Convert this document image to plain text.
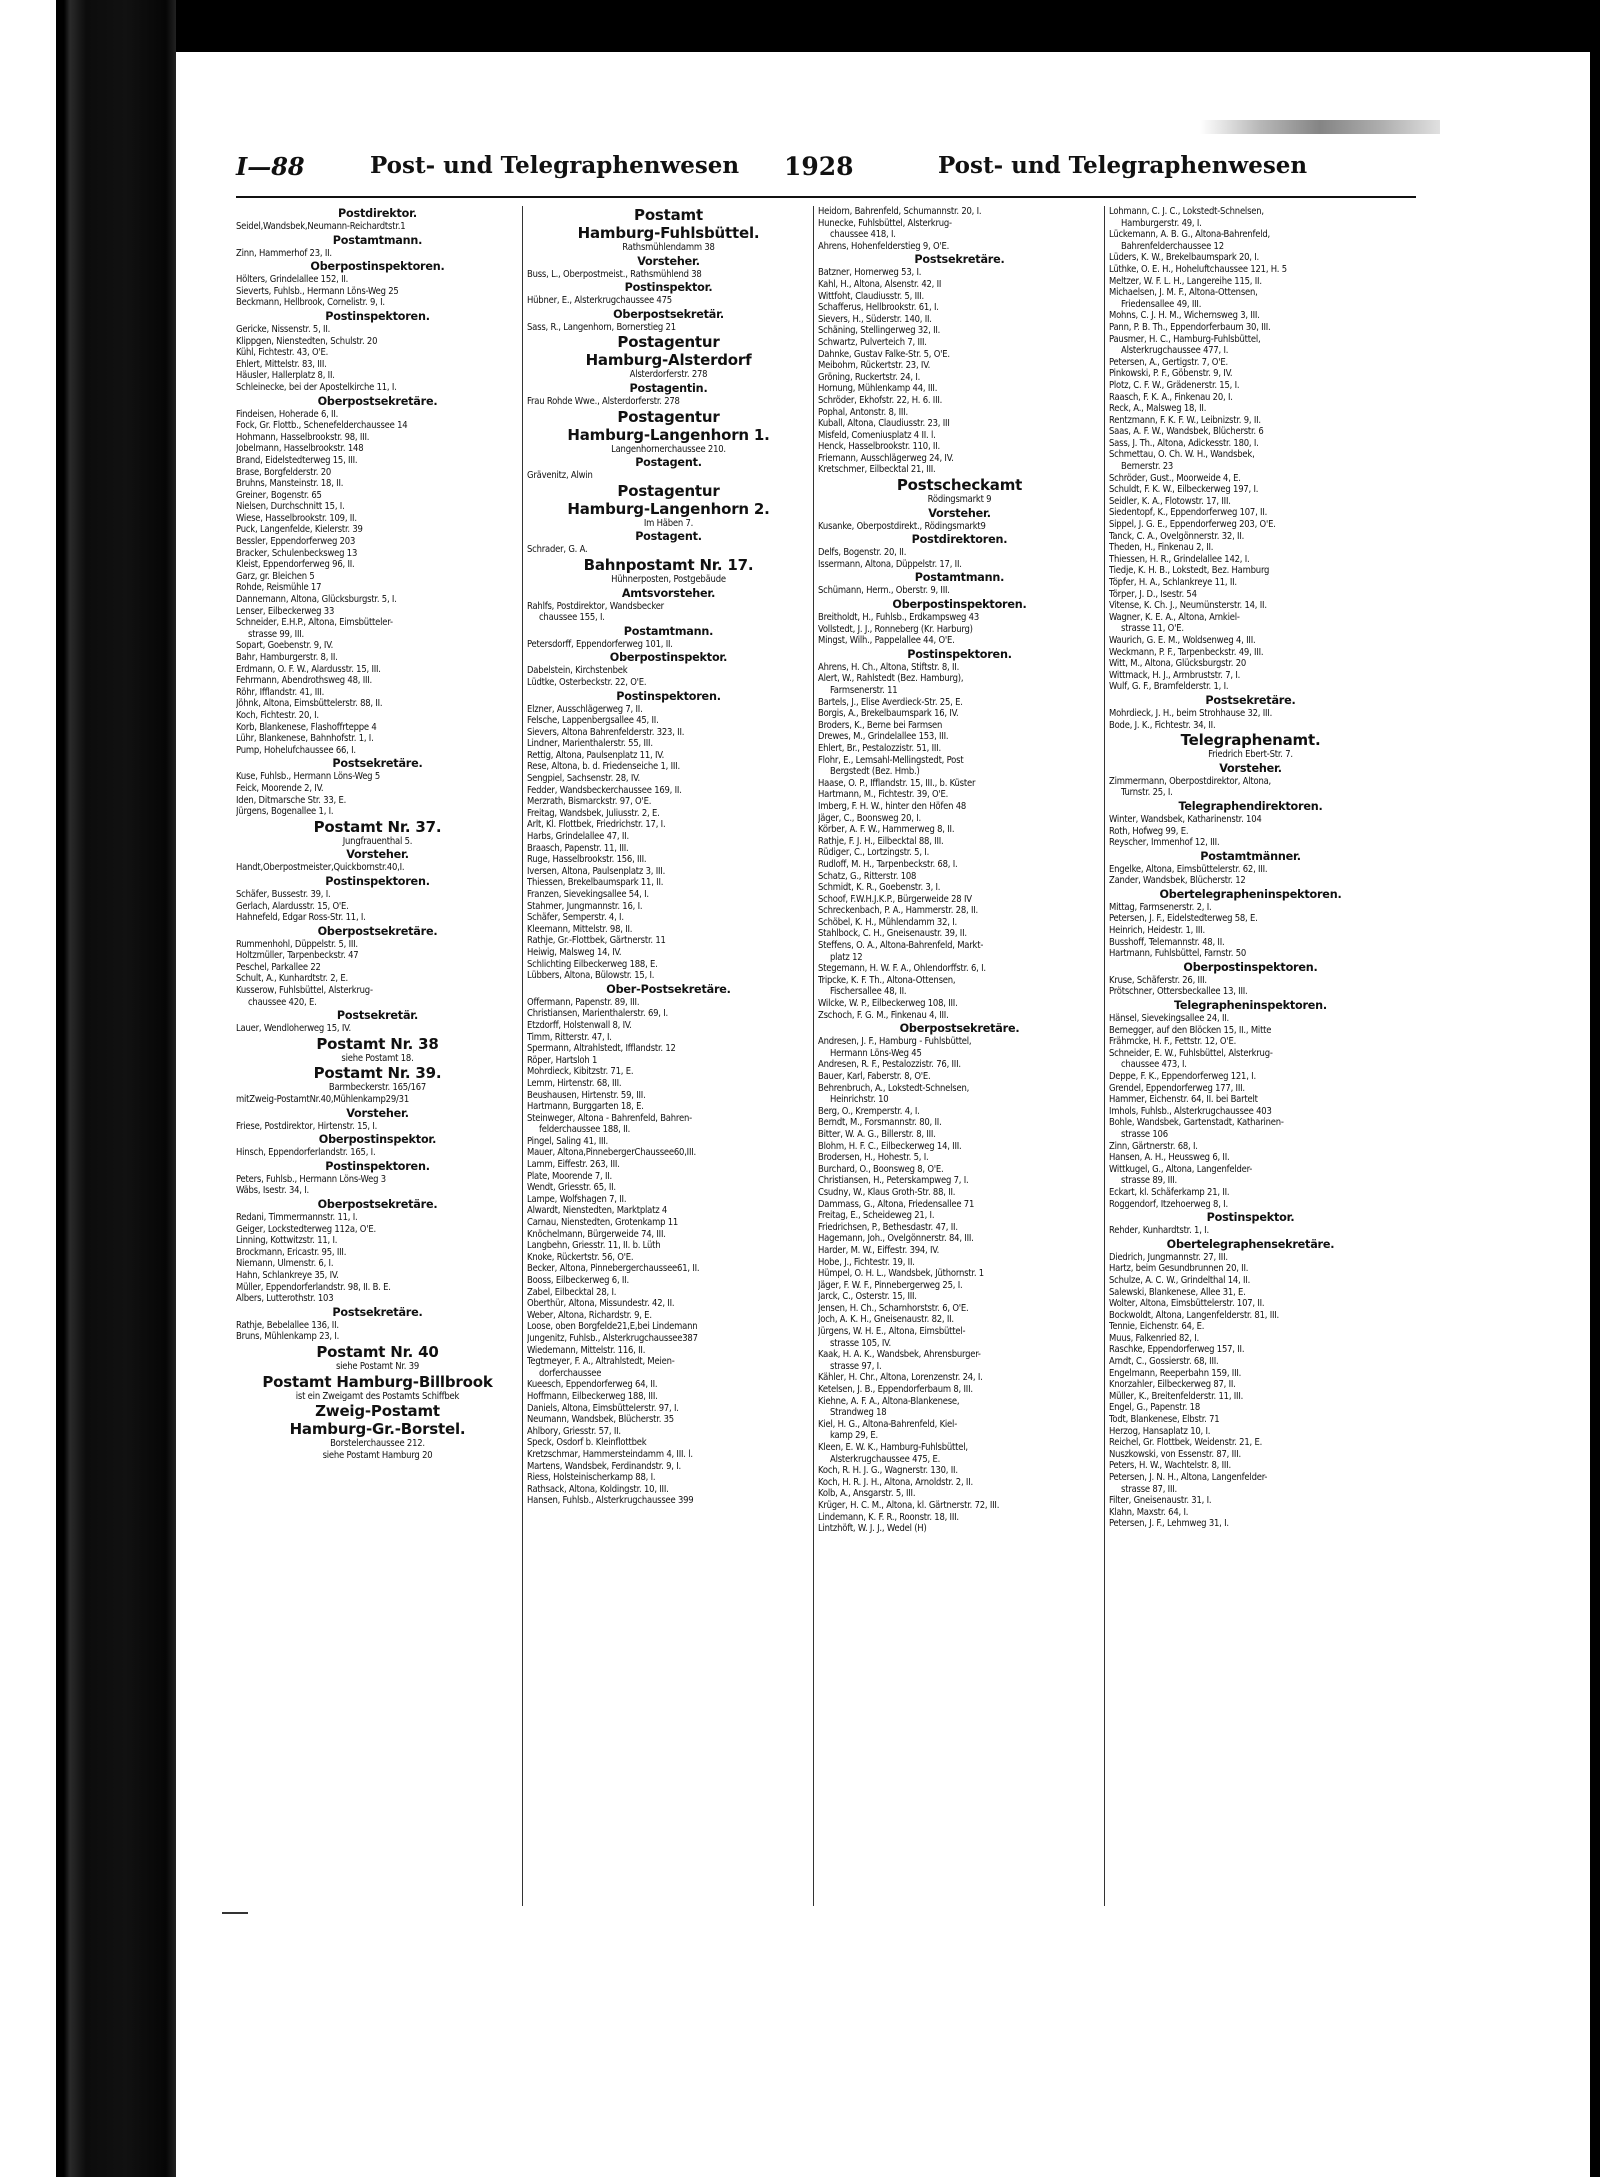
I—88	Post- und Telegraphenwesen 1928	Post- und Telegraphenwesen
Postdirektor.
Seidel,Wandsbek,Neumann-Reichardtstr.1
Postamtmann.
Zinn, Hammerhof 23, II.
Oberpostinspektoren.
Hölters, Grindelallee 152, II.
Sieverts, Fuhlsb., Hermann Löns-Weg 25
Beckmann, Hellbrook, Cornelistr. 9, I.
Postinspektoren.
Gericke, Nissenstr. 5, II.
Klippgen, Nienstedten, Schulstr. 20
Kühl, Fichtestr. 43, O'E.
Ehlert, Mittelstr. 83, III.
Häusler, Hallerplatz 8, II.
Schleinecke, bei der Apostelkirche 11, I.
Oberpostsekretäre.
Findeisen, Hoherade 6, II.
Fock, Gr. Flottb., Schenefelderchaussee 14
Hohmann, Hasselbrookstr. 98, III.
Jobelmann, Hasselbrookstr. 148
Brand, Eidelstedterweg 15, III.
Brase, Borgfelderstr. 20
Bruhns, Mansteinstr. 18, II.
Greiner, Bogenstr. 65
Nielsen, Durchschnitt 15, I.
Wiese, Hasselbrookstr. 109, II.
Puck, Langenfelde, Kielerstr. 39
Bessler, Eppendorferweg 203
Bracker, Schulenbecksweg 13
Kleist, Eppendorferweg 96, II.
Garz, gr. Bleichen 5
Rohde, Reismühle 17
Dannemann, Altona, Glücksburgstr. 5, I.
Lenser, Eilbeckerweg 33
Schneider, E.H.P., Altona, Eimsbütteler-
strasse 99, III.
Sopart, Goebenstr. 9, IV.
Bahr, Hamburgerstr. 8, II.
Erdmann, O. F. W., Alardusstr. 15, III.
Fehrmann, Abendrothsweg 48, III.
Röhr, Ifflandstr. 41, III.
Jöhnk, Altona, Eimsbüttelerstr. 88, II.
Koch, Fichtestr. 20, I.
Korb, Blankenese, Flashoffrteppe 4
Lühr, Blankenese, Bahnhofstr. 1, I.
Pump, Hohelufchaussee 66, I.
Postsekretäre.
Kuse, Fuhlsb., Hermann Löns-Weg 5
Feick, Moorende 2, IV.
Iden, Ditmarsche Str. 33, E.
Jürgens, Bogenallee 1, I.
Postamt Nr. 37.
Jungfrauenthal 5.
Vorsteher.
Handt,Oberpostmeister,Quickbornstr.40,I.
Postinspektoren.
Schäfer, Bussestr. 39, I.
Gerlach, Alardusstr. 15, O'E.
Hahnefeld, Edgar Ross-Str. 11, I.
Oberpostsekretäre.
Rummenhohl, Düppelstr. 5, III.
Holtzmüller, Tarpenbeckstr. 47
Peschel, Parkallee 22
Schult, A., Kunhardtstr. 2, E.
Kusserow, Fuhlsbüttel, Alsterkrug-
chaussee 420, E.
Postsekretär.
Lauer, Wendloherweg 15, IV.
Postamt Nr. 38
siehe Postamt 18.
Postamt Nr. 39.
Barmbeckerstr. 165/167
mitZweig-PostamtNr.40,Mühlenkamp29/31
Vorsteher.
Friese, Postdirektor, Hirtenstr. 15, I.
Oberpostinspektor.
Hinsch, Eppendorferlandstr. 165, I.
Postinspektoren.
Peters, Fuhlsb., Hermann Löns-Weg 3
Wäbs, Isestr. 34, I.
Oberpostsekretäre.
Redani, Timmermannstr. 11, I.
Geiger, Lockstedterweg 112a, O'E.
Linning, Kottwitzstr. 11, I.
Brockmann, Ericastr. 95, III.
Niemann, Ulmenstr. 6, I.
Hahn, Schlankreye 35, IV.
Müller, Eppendorferlandstr. 98, II. B. E.
Albers, Lutterothstr. 103
Postsekretäre.
Rathje, Bebelallee 136, II.
Bruns, Mühlenkamp 23, I.
Postamt Nr. 40
siehe Postamt Nr. 39
Postamt Hamburg-Billbrook
ist ein Zweigamt des Postamts Schiffbek
Zweig-Postamt
Hamburg-Gr.-Borstel.
Borstelerchaussee 212.
siehe Postamt Hamburg 20
Postamt
Hamburg-Fuhlsbüttel.
Rathsmühlendamm 38
Vorsteher.
Buss, L., Oberpostmeist., Rathsmühlend 38
Postinspektor.
Hübner, E., Alsterkrugchaussee 475
Oberpostsekretär.
Sass, R., Langenhorn, Bornerstieg 21
Postagentur
Hamburg-Alsterdorf
Alsterdorferstr. 278
Postagentin.
Frau Rohde Wwe., Alsterdorferstr. 278
Postagentur
Hamburg-Langenhorn 1.
Langenhornerchaussee 210.
Postagent.
Grävenitz, Alwin
Postagentur
Hamburg-Langenhorn 2.
Im Häben 7.
Postagent.
Schrader, G. A.
Bahnpostamt Nr. 17.
Hühnerposten, Postgebäude
Amtsvorsteher.
Rahlfs, Postdirektor, Wandsbecker
chaussee 155, I.
Postamtmann.
Petersdorff, Eppendorferweg 101, II.
Oberpostinspektor.
Dabelstein, Kirchstenbek
Lüdtke, Osterbeckstr. 22, O'E.
Postinspektoren.
Elzner, Ausschlägerweg 7, II.
Felsche, Lappenbergsallee 45, II.
Sievers, Altona Bahrenfelderstr. 323, II.
Lindner, Marienthalerstr. 55, III.
Rettig, Altona, Paulsenplatz 11, IV.
Rese, Altona, b. d. Friedenseiche 1, III.
Sengpiel, Sachsenstr. 28, IV.
Fedder, Wandsbeckerchaussee 169, II.
Merzrath, Bismarckstr. 97, O'E.
Freitag, Wandsbek, Juliusstr. 2, E.
Arlt, Kl. Flottbek, Friedrichstr. 17, I.
Harbs, Grindelallee 47, II.
Braasch, Papenstr. 11, III.
Ruge, Hasselbrookstr. 156, III.
Iversen, Altona, Paulsenplatz 3, III.
Thiessen, Brekelbaumspark 11, II.
Franzen, Sievekingsallee 54, I.
Stahmer, Jungmannstr. 16, I.
Schäfer, Semperstr. 4, I.
Kleemann, Mittelstr. 98, II.
Rathje, Gr.-Flottbek, Gärtnerstr. 11
Heiwig, Malsweg 14, IV.
Schlichting Eilbeckerweg 188, E.
Lübbers, Altona, Bülowstr. 15, I.
Ober-Postsekretäre.
Offermann, Papenstr. 89, III.
Christiansen, Marienthalerstr. 69, I.
Etzdorff, Holstenwall 8, IV.
Timm, Ritterstr. 47, I.
Spermann, Altrahlstedt, Ifflandstr. 12
Röper, Hartsloh 1
Mohrdieck, Kibitzstr. 71, E.
Lemm, Hirtenstr. 68, III.
Beushausen, Hirtenstr. 59, III.
Hartmann, Burggarten 18, E.
Steinweger, Altona - Bahrenfeld, Bahren-
felderchaussee 188, II.
Pingel, Saling 41, III.
Mauer, Altona,PinnebergerChaussee60,III.
Lamm, Eiffestr. 263, III.
Plate, Moorende 7, II.
Wendt, Griesstr. 65, II.
Lampe, Wolfshagen 7, II.
Alwardt, Nienstedten, Marktplatz 4
Carnau, Nienstedten, Grotenkamp 11
Knöchelmann, Bürgerweide 74, III.
Langbehn, Griesstr. 11, II. b. Lüth
Knoke, Rückertstr. 56, O'E.
Becker, Altona, Pinnebergerchaussee61, II.
Booss, Eilbeckerweg 6, II.
Zabel, Eilbecktal 28, I.
Oberthür, Altona, Missundestr. 42, II.
Weber, Altona, Richardstr. 9, E.
Loose, oben Borgfelde21,E,bei Lindemann
Jungenitz, Fuhlsb., Alsterkrugchaussee387
Wiedemann, Mittelstr. 116, II.
Tegtmeyer, F. A., Altrahlstedt, Meien-
dorferchaussee
Kueesch, Eppendorferweg 64, II.
Hoffmann, Eilbeckerweg 188, III.
Daniels, Altona, Eimsbüttelerstr. 97, I.
Neumann, Wandsbek, Blücherstr. 35
Ahlbory, Griesstr. 57, II.
Speck, Osdorf b. Kleinflottbek
Kretzschmar, Hammersteindamm 4, III. l.
Martens, Wandsbek, Ferdinandstr. 9, I.
Riess, Holsteinischerkamp 88, I.
Rathsack, Altona, Koldingstr. 10, III.
Hansen, Fuhlsb., Alsterkrugchaussee 399
Heidorn, Bahrenfeld, Schumannstr. 20, I.
Hunecke, Fuhlsbüttel, Alsterkrug-
chaussee 418, I.
Ahrens, Hohenfelderstieg 9, O'E.
Postsekretäre.
Batzner, Hornerweg 53, I.
Kahl, H., Altona, Alsenstr. 42, II
Wittfoht, Claudiusstr. 5, III.
Schafferus, Hellbrookstr. 61, I.
Sievers, H., Süderstr. 140, II.
Schäning, Stellingerweg 32, II.
Schwartz, Pulverteich 7, III.
Dahnke, Gustav Falke-Str. 5, O'E.
Meibohm, Rückertstr. 23, IV.
Gröning, Ruckertstr. 24, I.
Hornung, Mühlenkamp 44, III.
Schröder, Ekhofstr. 22, H. 6. III.
Pophal, Antonstr. 8, III.
Kuball, Altona, Claudiusstr. 23, III
Misfeld, Comeniusplatz 4 II. l.
Henck, Hasselbrookstr. 110, II.
Friemann, Ausschlägerweg 24, IV.
Kretschmer, Eilbecktal 21, III.
Postscheckamt
Rödingsmarkt 9
Vorsteher.
Kusanke, Oberpostdirekt., Rödingsmarkt9
Postdirektoren.
Delfs, Bogenstr. 20, II.
Issermann, Altona, Düppelstr. 17, II.
Postamtmann.
Schümann, Herm., Oberstr. 9, III.
Oberpostinspektoren.
Breitholdt, H., Fuhlsb., Erdkampsweg 43
Vollstedt, J. J., Ronneberg (Kr. Harburg)
Mingst, Wilh., Pappelallee 44, O'E.
Postinspektoren.
Ahrens, H. Ch., Altona, Stiftstr. 8, II.
Alert, W., Rahlstedt (Bez. Hamburg),
Farmsenerstr. 11
Bartels, J., Elise Averdieck-Str. 25, E.
Borgis, A., Brekelbaumspark 16, IV.
Broders, K., Berne bei Farmsen
Drewes, M., Grindelallee 153, III.
Ehlert, Br., Pestalozzistr. 51, III.
Flohr, E., Lemsahl-Mellingstedt, Post
Bergstedt (Bez. Hmb.)
Haase, O. P., Ifflandstr. 15, III., b. Küster
Hartmann, M., Fichtestr. 39, O'E.
Imberg, F. H. W., hinter den Höfen 48
Jäger, C., Boonsweg 20, I.
Körber, A. F. W., Hammerweg 8, II.
Rathje, F. J. H., Eilbecktal 88, III.
Rüdiger, C., Lortzingstr. 5, I.
Rudloff, M. H., Tarpenbeckstr. 68, I.
Schatz, G., Ritterstr. 108
Schmidt, K. R., Goebenstr. 3, I.
Schoof, F.W.H.J.K.P., Bürgerweide 28 IV
Schreckenbach, P. A., Hammerstr. 28, II.
Schöbel, K. H., Mühlendamm 32, I.
Stahlbock, C. H., Gneisenaustr. 39, II.
Steffens, O. A., Altona-Bahrenfeld, Markt-
platz 12
Stegemann, H. W. F. A., Ohlendorffstr. 6, I.
Tripcke, K. F. Th., Altona-Ottensen,
Fischersallee 48, II.
Wilcke, W. P., Eilbeckerweg 108, III.
Zschoch, F. G. M., Finkenau 4, III.
Oberpostsekretäre.
Andresen, J. F., Hamburg - Fuhlsbüttel,
Hermann Löns-Weg 45
Andresen, R. F., Pestalozzistr. 76, III.
Bauer, Karl, Faberstr. 8, O'E.
Behrenbruch, A., Lokstedt-Schnelsen,
Heinrichstr. 10
Berg, O., Kremperstr. 4, I.
Berndt, M., Forsmannstr. 80, II.
Bitter, W. A. G., Billerstr. 8, III.
Blohm, H. F. C., Eilbeckerweg 14, III.
Brodersen, H., Hohestr. 5, I.
Burchard, O., Boonsweg 8, O'E.
Christiansen, H., Peterskampweg 7, I.
Csudny, W., Klaus Groth-Str. 88, II.
Dammass, G., Altona, Friedensallee 71
Freitag, E., Scheideweg 21, I.
Friedrichsen, P., Bethesdastr. 47, II.
Hagemann, Joh., Ovelgönnerstr. 84, III.
Harder, M. W., Eiffestr. 394, IV.
Hobe, J., Fichtestr. 19, II.
Hümpel, O. H. L., Wandsbek, Jüthornstr. 1
Jäger, F. W. F., Pinnebergerweg 25, I.
Jarck, C., Osterstr. 15, III.
Jensen, H. Ch., Scharnhorststr. 6, O'E.
Joch, A. K. H., Gneisenaustr. 82, II.
Jürgens, W. H. E., Altona, Eimsbüttel-
strasse 105, IV.
Kaak, H. A. K., Wandsbek, Ahrensburger-
strasse 97, I.
Kähler, H. Chr., Altona, Lorenzenstr. 24, I.
Ketelsen, J. B., Eppendorferbaum 8, III.
Kiehne, A. F. A., Altona-Blankenese,
Strandweg 18
Kiel, H. G., Altona-Bahrenfeld, Kiel-
kamp 29, E.
Kleen, E. W. K., Hamburg-Fuhlsbüttel,
Alsterkrugchaussee 475, E.
Koch, R. H. J. G., Wagnerstr. 130, II.
Koch, H. R. J. H., Altona, Arnoldstr. 2, II.
Kolb, A., Ansgarstr. 5, III.
Krüger, H. C. M., Altona, kl. Gärtnerstr. 72, III.
Lindemann, K. F. R., Roonstr. 18, III.
Lintzhöft, W. J. J., Wedel (H)
Lohmann, C. J. C., Lokstedt-Schnelsen,
Hamburgerstr. 49, I.
Lückemann, A. B. G., Altona-Bahrenfeld,
Bahrenfelderchaussee 12
Lüders, K. W., Brekelbaumspark 20, I.
Lüthke, O. E. H., Hoheluftchaussee 121, H. 5
Meltzer, W. F. L. H., Langereihe 115, II.
Michaelsen, J. M. F., Altona-Ottensen,
Friedensallee 49, III.
Mohns, C. J. H. M., Wichernsweg 3, III.
Pann, P. B. Th., Eppendorferbaum 30, III.
Pausmer, H. C., Hamburg-Fuhlsbüttel,
Alsterkrugchaussee 477, I.
Petersen, A., Gertigstr. 7, O'E.
Pinkowski, P. F., Göbenstr. 9, IV.
Plotz, C. F. W., Grädenerstr. 15, I.
Raasch, F. K. A., Finkenau 20, I.
Reck, A., Malsweg 18, II.
Rentzmann, F. K. F. W., Leibnizstr. 9, II.
Saas, A. F. W., Wandsbek, Blücherstr. 6
Sass, J. Th., Altona, Adickesstr. 180, I.
Schmettau, O. Ch. W. H., Wandsbek,
Bernerstr. 23
Schröder, Gust., Moorweide 4, E.
Schuldt, F. K. W., Eilbeckerweg 197, I.
Seidler, K. A., Flotowstr. 17, III.
Siedentopf, K., Eppendorferweg 107, II.
Sippel, J. G. E., Eppendorferweg 203, O'E.
Tanck, C. A., Övelgönnerstr. 32, II.
Theden, H., Finkenau 2, II.
Thiessen, H. R., Grindelallee 142, I.
Tiedje, K. H. B., Lokstedt, Bez. Hamburg
Töpfer, H. A., Schlankreye 11, II.
Törper, J. D., Isestr. 54
Vitense, K. Ch. J., Neumünsterstr. 14, II.
Wagner, K. E. A., Altona, Arnkiel-
strasse 11, O'E.
Waurich, G. E. M., Woldsenweg 4, III.
Weckmann, P. F., Tarpenbeckstr. 49, III.
Witt, M., Altona, Glücksburgstr. 20
Wittmack, H. J., Armbruststr. 7, I.
Wulf, G. F., Bramfelderstr. 1, I.
Postsekretäre.
Mohrdieck, J. H., beim Strohhause 32, III.
Bode, J. K., Fichtestr. 34, II.
Telegraphenamt.
Friedrich Ebert-Str. 7.
Vorsteher.
Zimmermann, Oberpostdirektor, Altona,
Turnstr. 25, I.
Telegraphendirektoren.
Winter, Wandsbek, Katharinenstr. 104
Roth, Hofweg 99, E.
Reyscher, Immenhof 12, III.
Postamtmänner.
Engelke, Altona, Eimsbüttelerstr. 62, III.
Zander, Wandsbek, Blücherstr. 12
Obertelegrapheninspektoren.
Mittag, Farmsenerstr. 2, I.
Petersen, J. F., Eidelstedterweg 58, E.
Heinrich, Heidestr. 1, III.
Busshoff, Telemannstr. 48, II.
Hartmann, Fuhlsbüttel, Farnstr. 50
Oberpostinspektoren.
Kruse, Schäferstr. 26, III.
Prötschner, Ottersbeckallee 13, III.
Telegrapheninspektoren.
Hänsel, Sievekingsallee 24, II.
Bernegger, auf den Blöcken 15, II., Mitte
Frähmcke, H. F., Fettstr. 12, O'E.
Schneider, E. W., Fuhlsbüttel, Alsterkrug-
chaussee 473, I.
Deppe, F. K., Eppendorferweg 121, I.
Grendel, Eppendorferweg 177, III.
Hammer, Eichenstr. 64, II. bei Bartelt
Imhols, Fuhlsb., Alsterkrugchaussee 403
Bohle, Wandsbek, Gartenstadt, Katharinen-
strasse 106
Zinn, Gärtnerstr. 68, I.
Hansen, A. H., Heussweg 6, II.
Wittkugel, G., Altona, Langenfelder-
strasse 89, III.
Eckart, kl. Schäferkamp 21, II.
Roggendorf, Itzehoerweg 8, I.
Postinspektor.
Rehder, Kunhardtstr. 1, I.
Obertelegraphensekretäre.
Diedrich, Jungmannstr. 27, III.
Hartz, beim Gesundbrunnen 20, II.
Schulze, A. C. W., Grindelthal 14, II.
Salewski, Blankenese, Allee 31, E.
Wolter, Altona, Eimsbüttelerstr. 107, II.
Bockwoldt, Altona, Langenfelderstr. 81, III.
Tennie, Eichenstr. 64, E.
Muus, Falkenried 82, I.
Raschke, Eppendorferweg 157, II.
Arndt, C., Gossierstr. 68, III.
Engelmann, Reeperbahn 159, III.
Knorzahler, Eilbeckerweg 87, II.
Müller, K., Breitenfelderstr. 11, III.
Engel, G., Papenstr. 18
Todt, Blankenese, Elbstr. 71
Herzog, Hansaplatz 10, I.
Reichel, Gr. Flottbek, Weidenstr. 21, E.
Nuszkowski, von Essenstr. 87, III.
Peters, H. W., Wachtelstr. 8, III.
Petersen, J. N. H., Altona, Langenfelder-
strasse 87, III.
Filter, Gneisenaustr. 31, I.
Klahn, Maxstr. 64, I.
Petersen, J. F., Lehmweg 31, I.
